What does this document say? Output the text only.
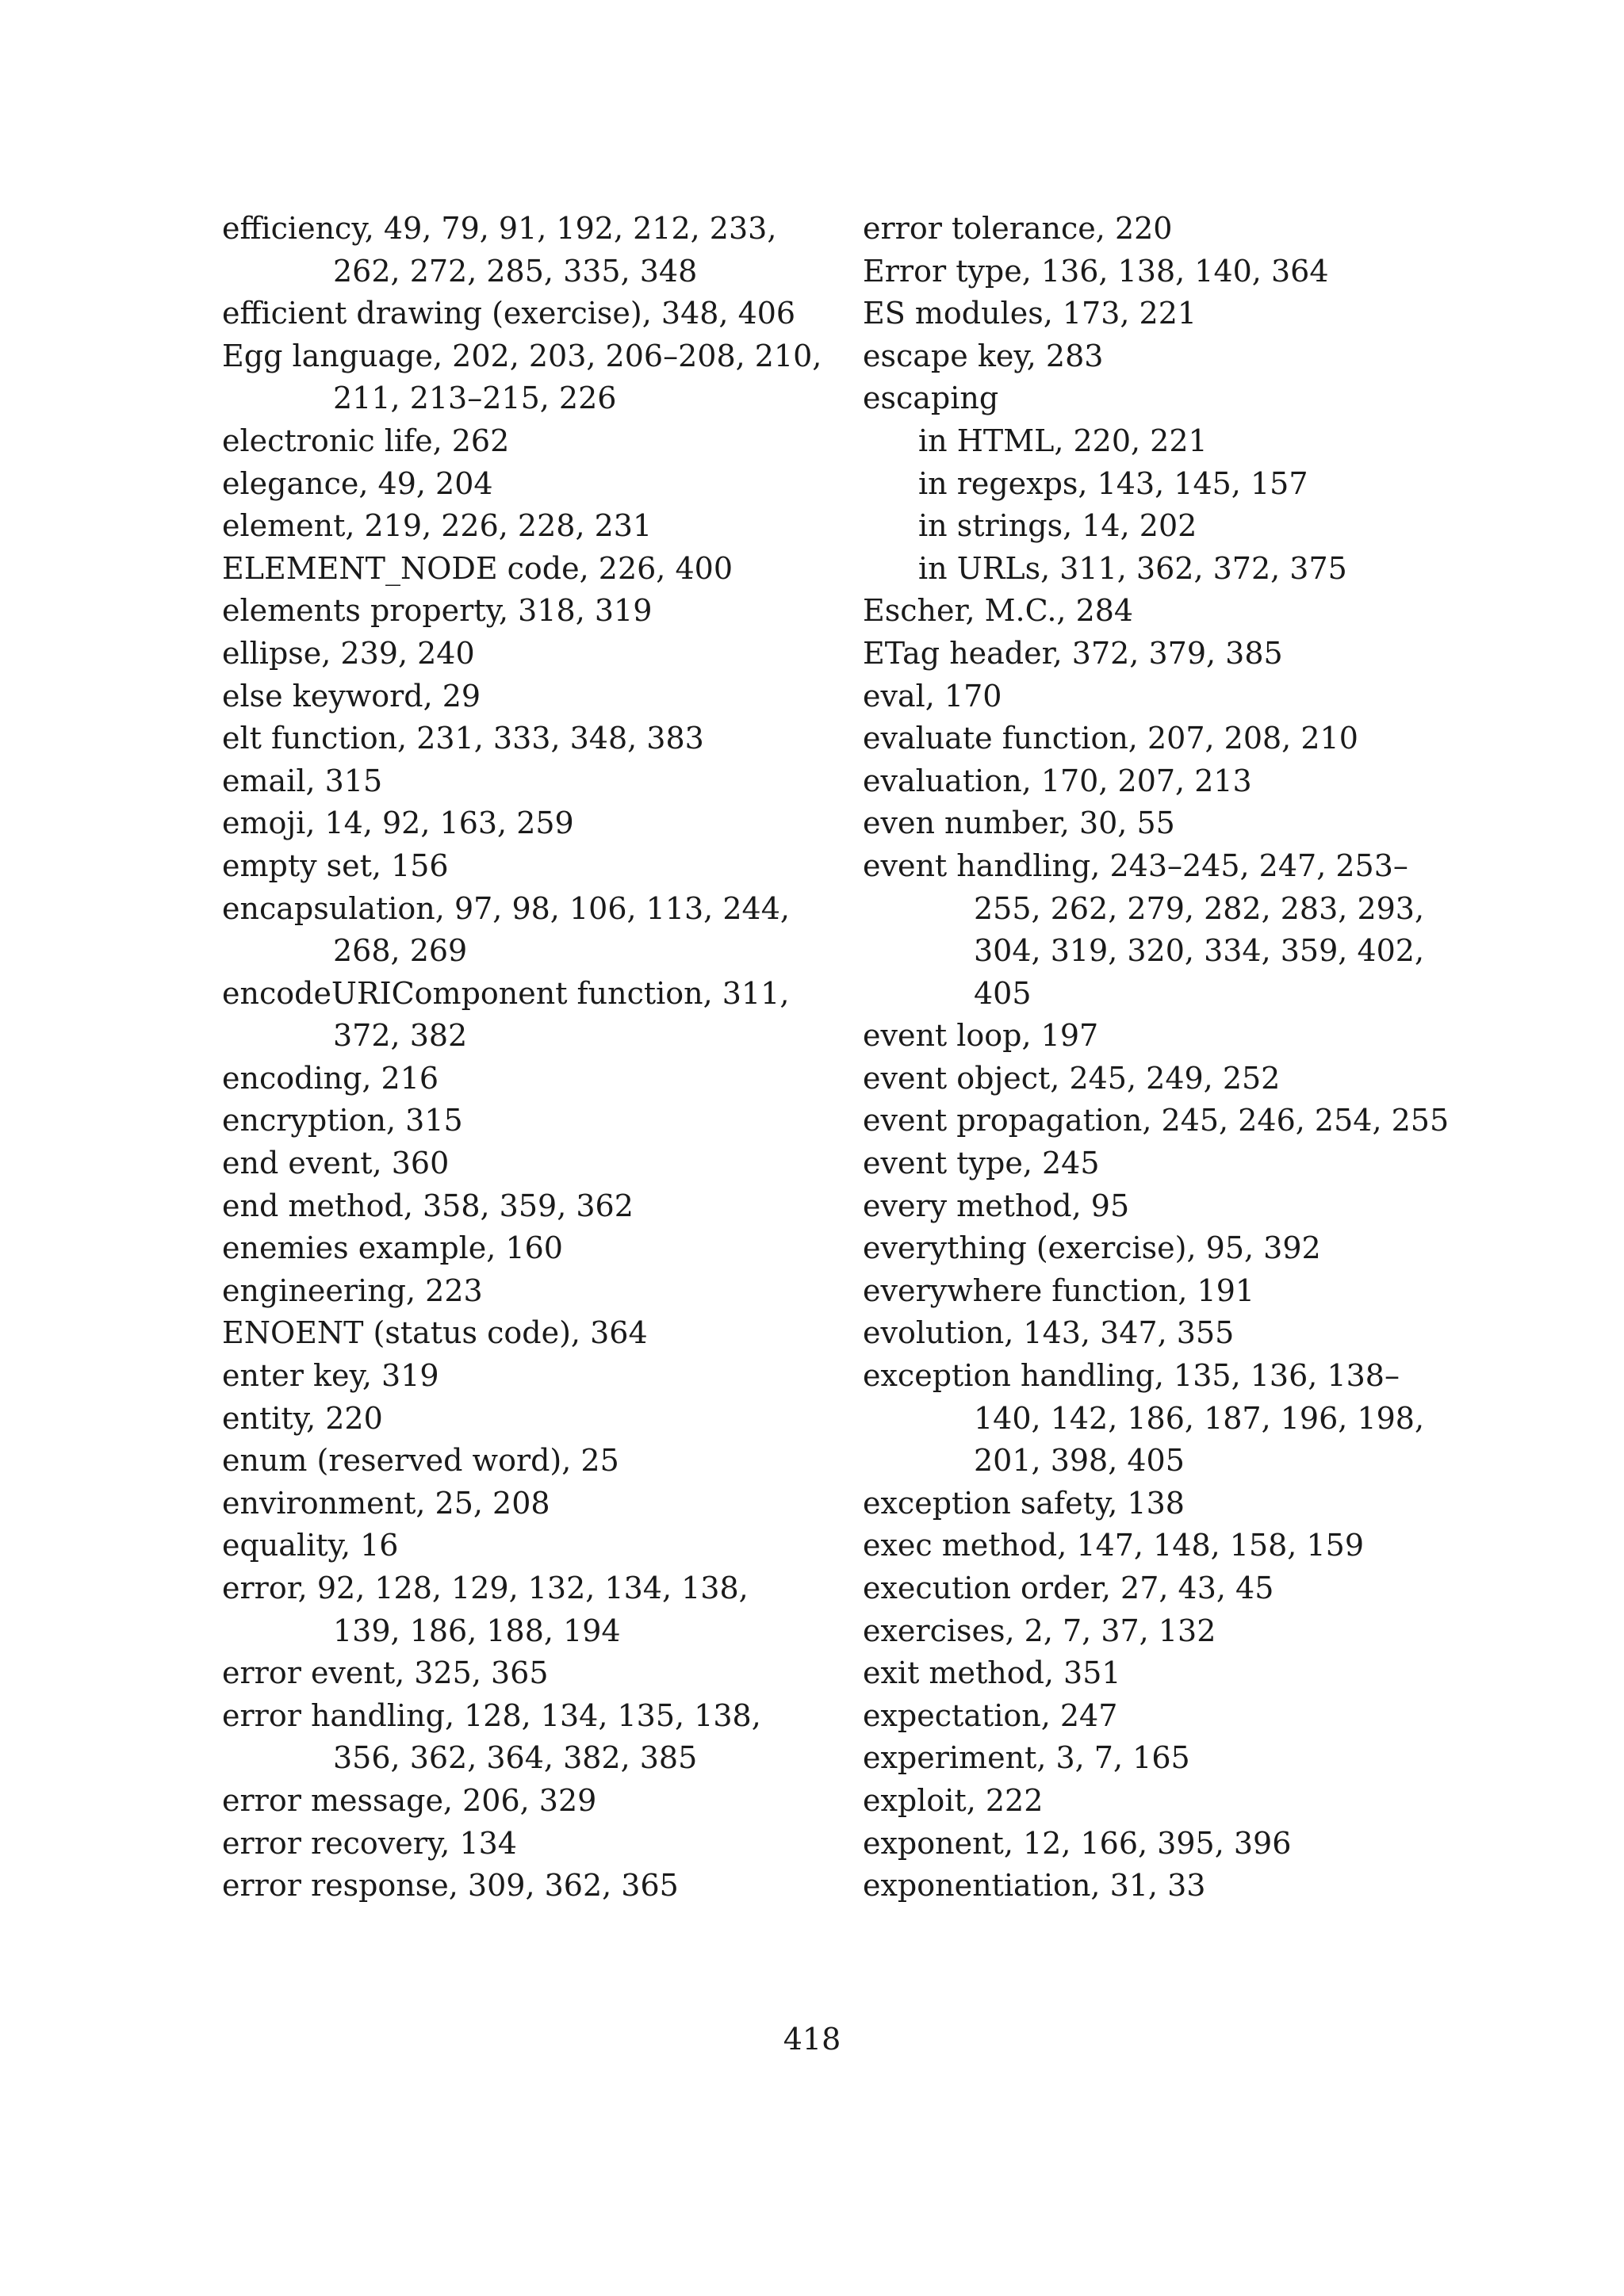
efficiency, 49, 79, 91, 192, 212, 233,
262, 272, 285, 335, 348
efficient drawing (exercise), 348, 406
Egg language, 202, 203, 206–208, 210,
211, 213–215, 226
electronic life, 262
elegance, 49, 204
element, 219, 226, 228, 231
ELEMENT_NODE code, 226, 400
elements property, 318, 319
ellipse, 239, 240
else keyword, 29
elt function, 231, 333, 348, 383
email, 315
emoji, 14, 92, 163, 259
empty set, 156
encapsulation, 97, 98, 106, 113, 244,
268, 269
encodeURIComponent function, 311,
372, 382
encoding, 216
encryption, 315
end event, 360
end method, 358, 359, 362
enemies example, 160
engineering, 223
ENOENT (status code), 364
enter key, 319
entity, 220
enum (reserved word), 25
environment, 25, 208
equality, 16
error, 92, 128, 129, 132, 134, 138,
139, 186, 188, 194
error event, 325, 365
error handling, 128, 134, 135, 138,
356, 362, 364, 382, 385
error message, 206, 329
error recovery, 134
error response, 309, 362, 365
error tolerance, 220
Error type, 136, 138, 140, 364
ES modules, 173, 221
escape key, 283
escaping
in HTML, 220, 221
in regexps, 143, 145, 157
in strings, 14, 202
in URLs, 311, 362, 372, 375
Escher, M.C., 284
ETag header, 372, 379, 385
eval, 170
evaluate function, 207, 208, 210
evaluation, 170, 207, 213
even number, 30, 55
event handling, 243–245, 247, 253–
255, 262, 279, 282, 283, 293,
304, 319, 320, 334, 359, 402,
405
event loop, 197
event object, 245, 249, 252
event propagation, 245, 246, 254, 255
event type, 245
every method, 95
everything (exercise), 95, 392
everywhere function, 191
evolution, 143, 347, 355
exception handling, 135, 136, 138–
140, 142, 186, 187, 196, 198,
201, 398, 405
exception safety, 138
exec method, 147, 148, 158, 159
execution order, 27, 43, 45
exercises, 2, 7, 37, 132
exit method, 351
expectation, 247
experiment, 3, 7, 165
exploit, 222
exponent, 12, 166, 395, 396
exponentiation, 31, 33
418
